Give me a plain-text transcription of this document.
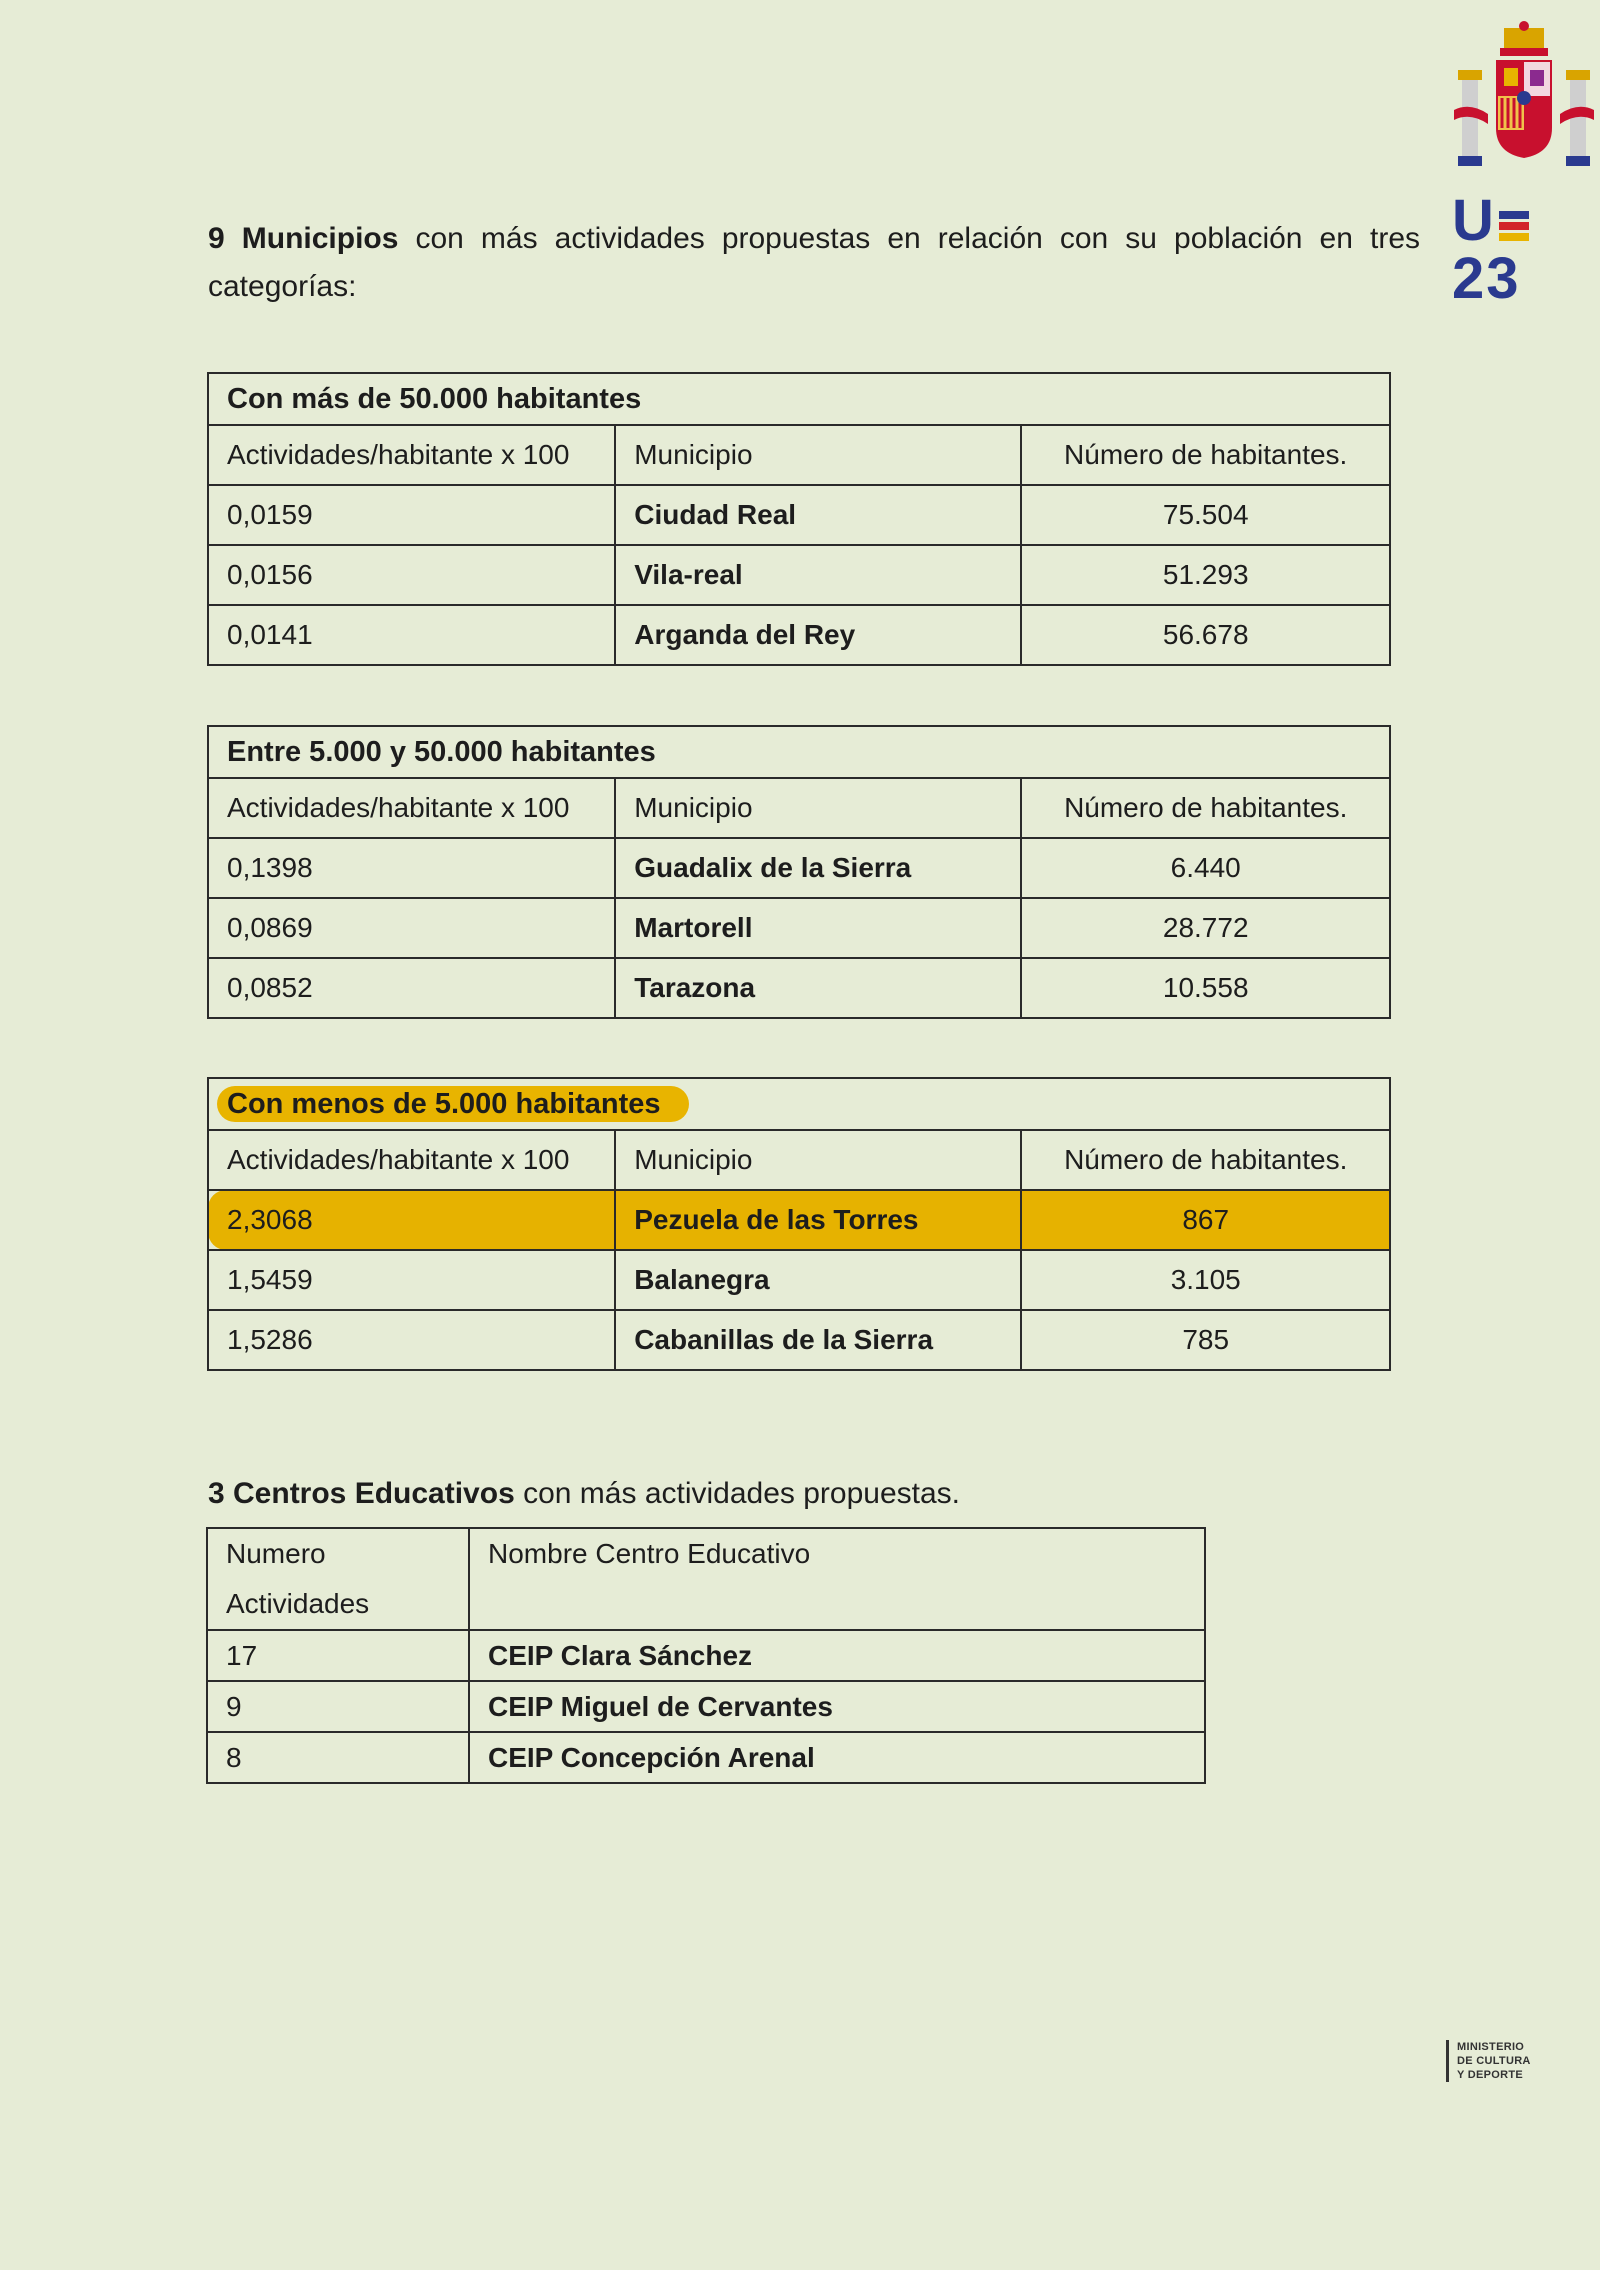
U
23
9 Municipios con más actividades propuestas en relación con su población en tres categorías:
Con más de 50.000 habitantes		
Actividades/habitante x 100	Municipio	Número de habitantes.
0,0159	Ciudad Real	75.504
0,0156	Vila-real	51.293
0,0141	Arganda del Rey	56.678
Entre 5.000 y 50.000 habitantes		
Actividades/habitante x 100	Municipio	Número de habitantes.
0,1398	Guadalix de la Sierra	6.440
0,0869	Martorell	28.772
0,0852	Tarazona	10.558
Con menos de 5.000 habitantes		
Actividades/habitante x 100	Municipio	Número de habitantes.
2,3068	Pezuela de las Torres	867
1,5459	Balanegra	3.105
1,5286	Cabanillas de la Sierra	785
3 Centros Educativos con más actividades propuestas.
Numero
Actividades	Nombre Centro Educativo
17	CEIP Clara Sánchez
9	CEIP Miguel de Cervantes
8	CEIP Concepción Arenal
MINISTERIO
DE CULTURA
Y DEPORTE
